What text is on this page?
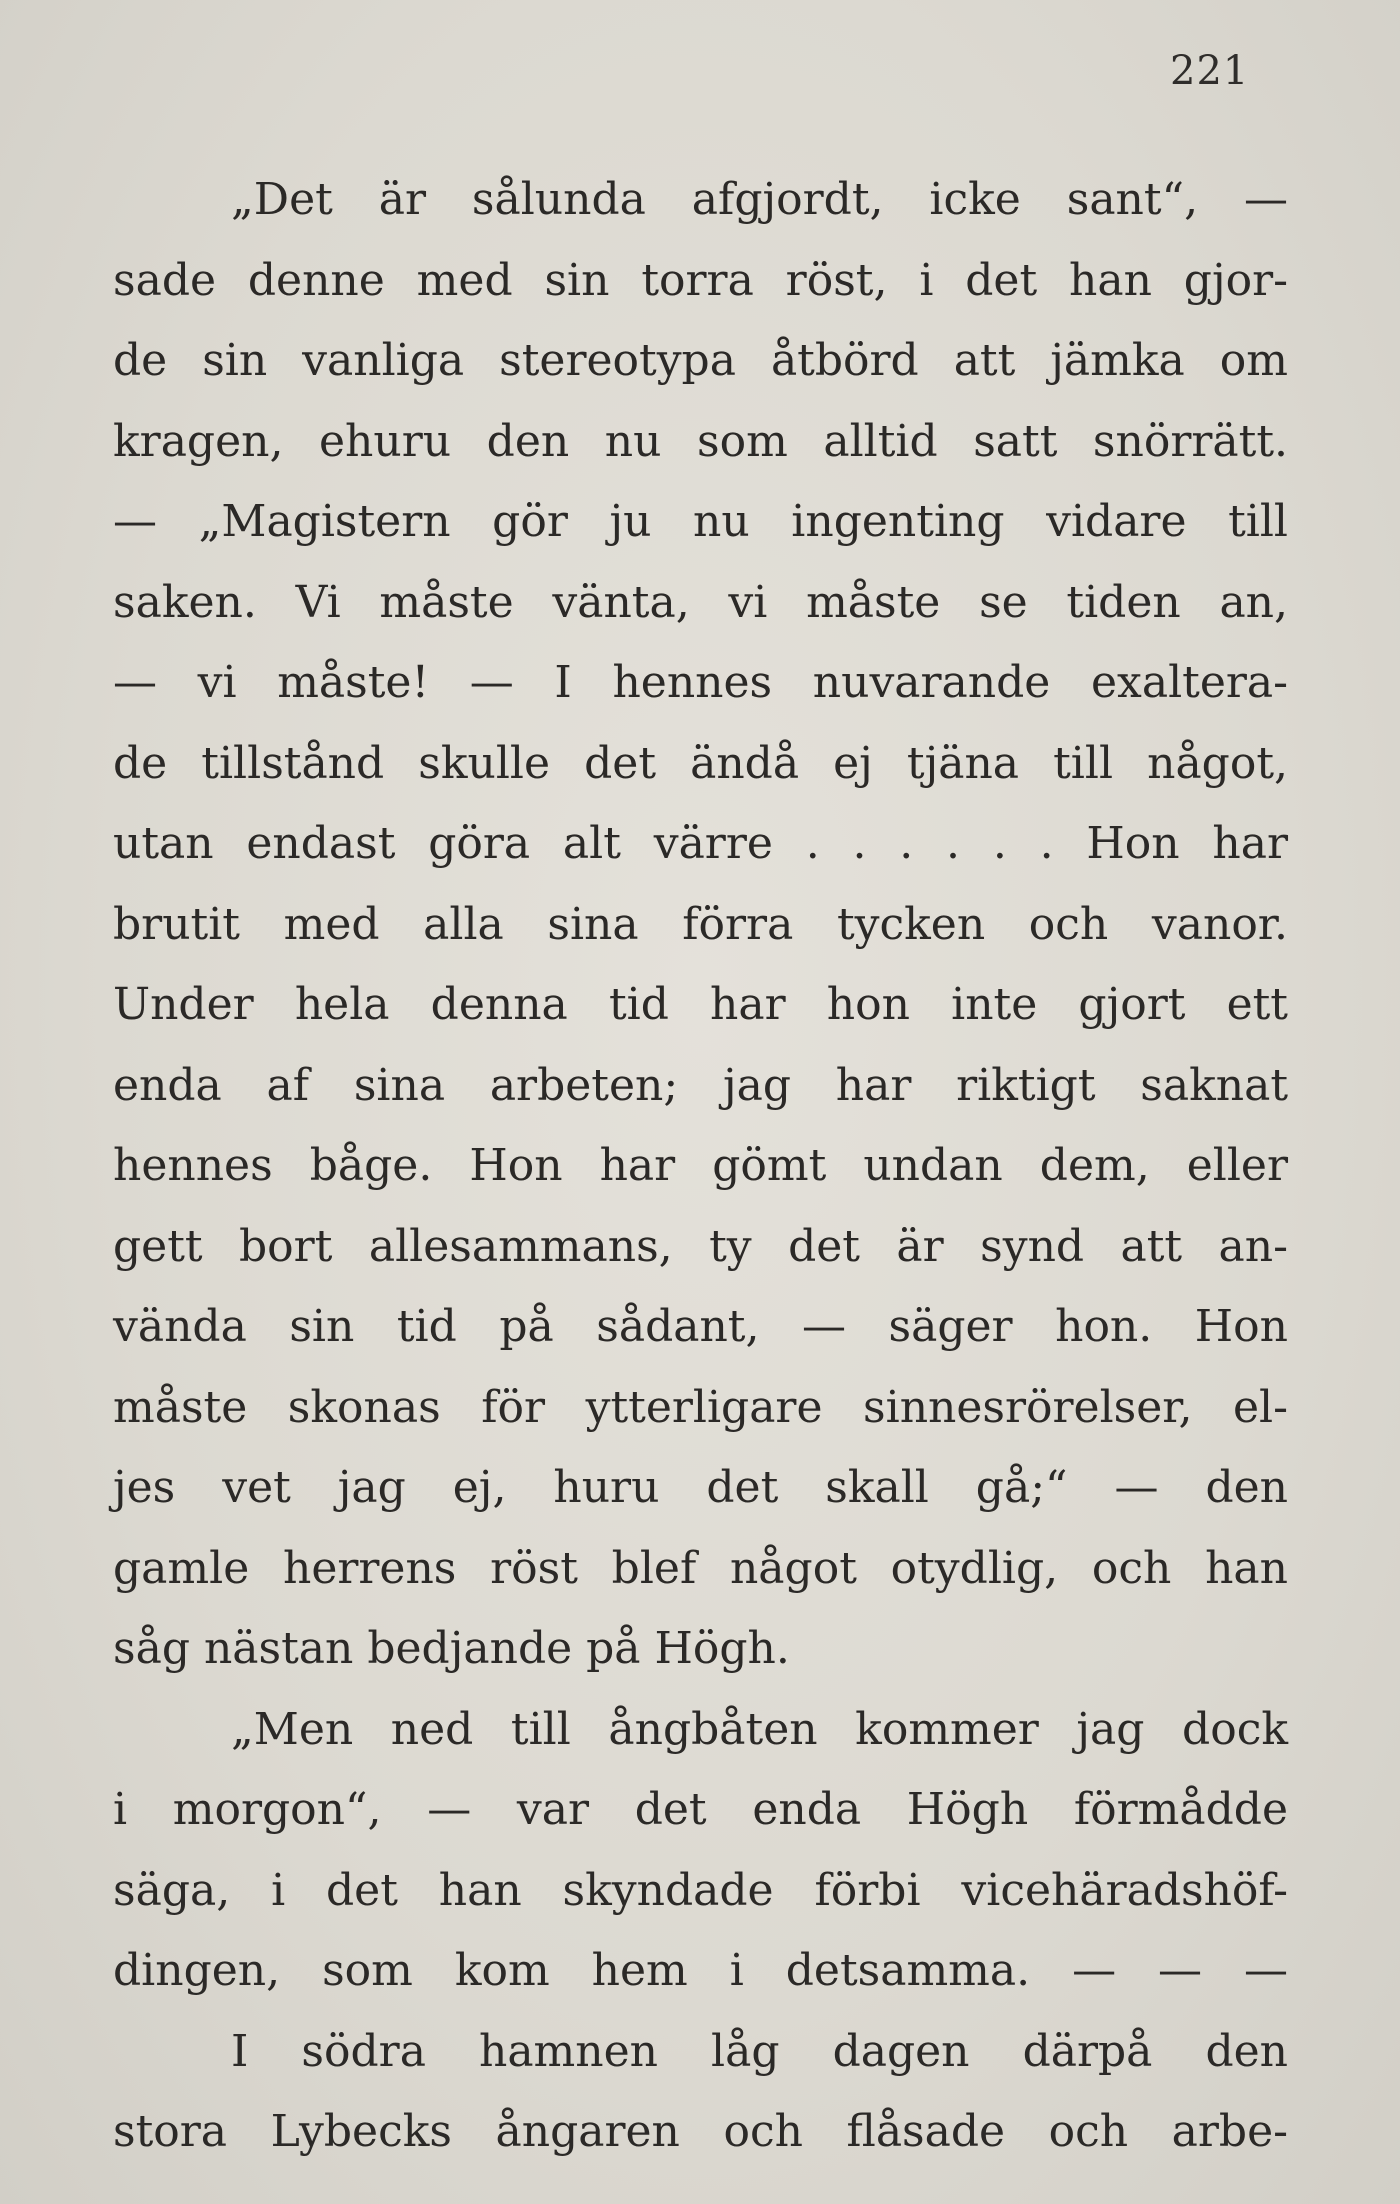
221
„Det är sålunda afgjordt, icke sant“, —
sade denne med sin torra röst, i det han gjor-
de sin vanliga stereotypa åtbörd att jämka om
kragen, ehuru den nu som alltid satt snörrätt.
— „Magistern gör ju nu ingenting vidare till
saken. Vi måste vänta, vi måste se tiden an,
— vi måste! — I hennes nuvarande exaltera-
de tillstånd skulle det ändå ej tjäna till något,
utan endast göra alt värre . . . . . . Hon har
brutit med alla sina förra tycken och vanor.
Under hela denna tid har hon inte gjort ett
enda af sina arbeten; jag har riktigt saknat
hennes båge. Hon har gömt undan dem, eller
gett bort allesammans, ty det är synd att an-
vända sin tid på sådant, — säger hon. Hon
måste skonas för ytterligare sinnesrörelser, el-
jes vet jag ej, huru det skall gå;“ — den
gamle herrens röst blef något otydlig, och han
såg nästan bedjande på Högh.
„Men ned till ångbåten kommer jag dock
i morgon“, — var det enda Högh förmådde
säga, i det han skyndade förbi vicehäradshöf-
dingen, som kom hem i detsamma. — — —
I södra hamnen låg dagen därpå den
stora Lybecks ångaren och flåsade och arbe-
